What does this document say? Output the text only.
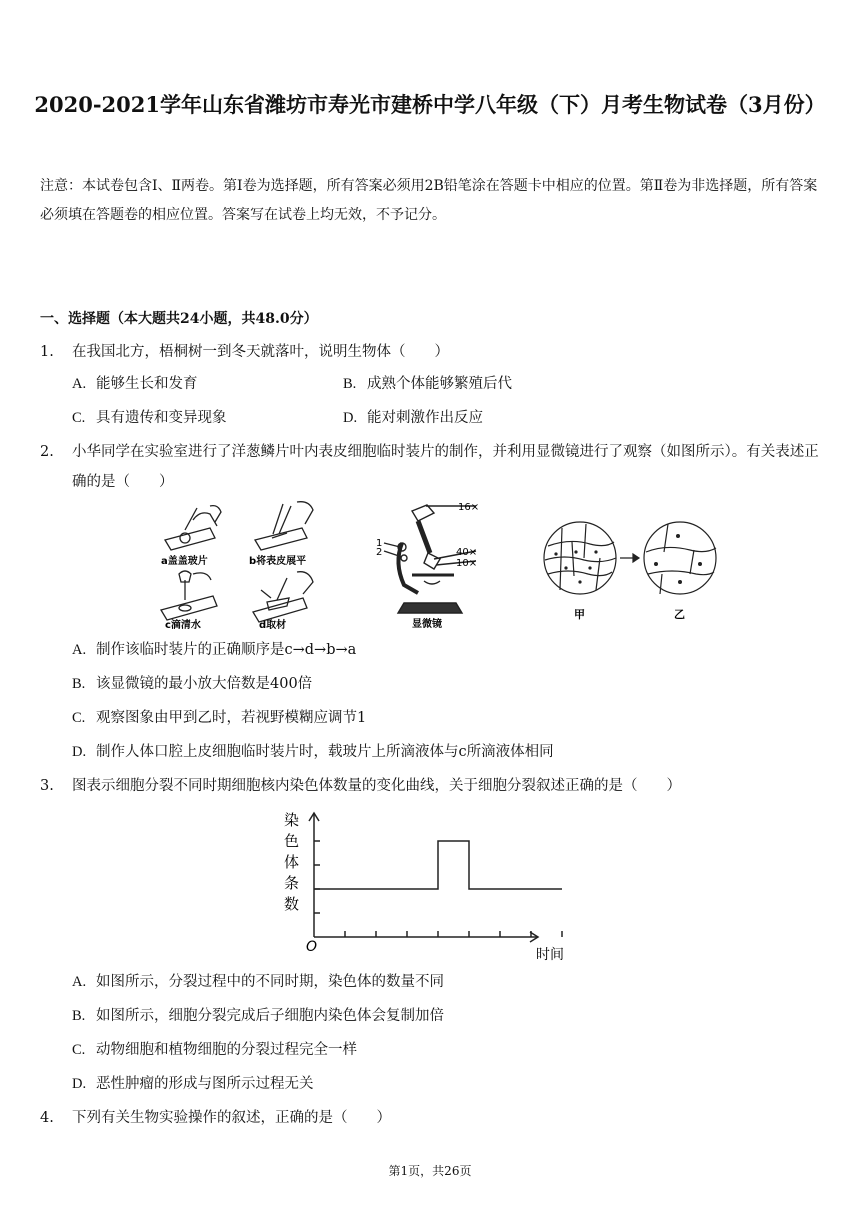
2020-2021学年山东省潍坊市寿光市建桥中学八年级（下）月考生物试卷（3月份）

注意：本试卷包含Ⅰ、Ⅱ两卷。第Ⅰ卷为选择题，所有答案必须用2B铅笔涂在答题卡中相应的位置。第Ⅱ卷为非选择题，所有答案必须填在答题卷的相应位置。答案写在试卷上均无效，不予记分。

一、选择题（本大题共24小题，共48.0分）

1. 在我国北方，梧桐树一到冬天就落叶，说明生物体（　　）
A. 能够生长和发育	B. 成熟个体能够繁殖后代
C. 具有遗传和变异现象	D. 能对刺激作出反应
2. 小华同学在实验室进行了洋葱鳞片叶内表皮细胞临时装片的制作，并利用显微镜进行了观察（如图所示）。有关表述正确的是（　　）
a盖盖玻片	b将表皮展平
c滴清水	d取材
16×
40×
10×
1
2
显微镜
甲	乙
A. 制作该临时装片的正确顺序是c→d→b→a
B. 该显微镜的最小放大倍数是400倍
C. 观察图象由甲到乙时，若视野模糊应调节1
D. 制作人体口腔上皮细胞临时装片时，载玻片上所滴液体与c所滴液体相同
3. 图表示细胞分裂不同时期细胞核内染色体数量的变化曲线，关于细胞分裂叙述正确的是（　　）
染
色
体
条
数
O	时间
A. 如图所示，分裂过程中的不同时期，染色体的数量不同
B. 如图所示，细胞分裂完成后子细胞内染色体会复制加倍
C. 动物细胞和植物细胞的分裂过程完全一样
D. 恶性肿瘤的形成与图所示过程无关
4. 下列有关生物实验操作的叙述，正确的是（　　）
第1页，共26页
